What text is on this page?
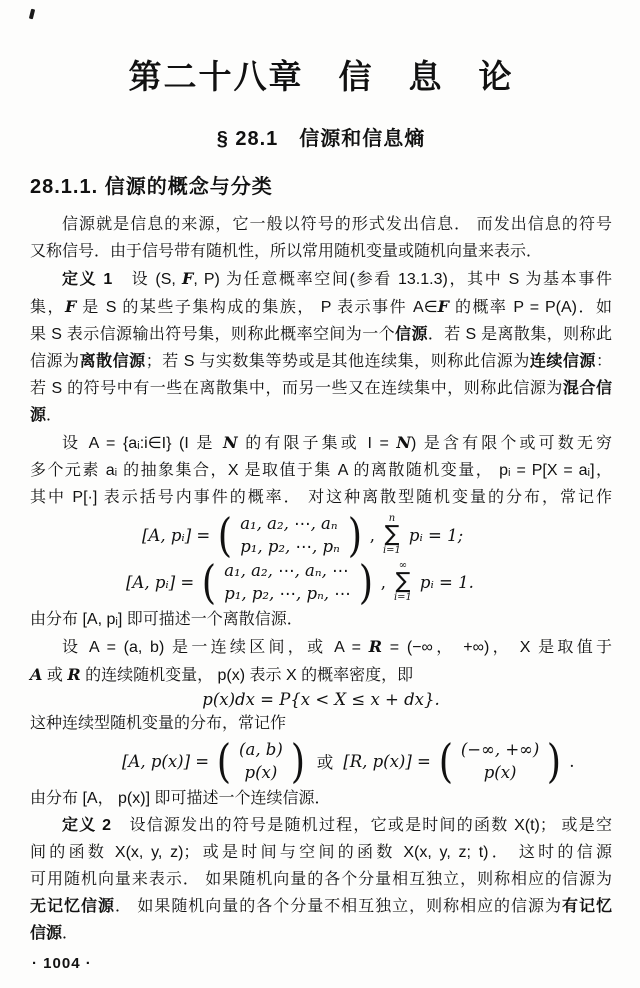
第二十八章　信　息　论
§ 28.1　信源和信息熵
28.1.1. 信源的概念与分类
信源就是信息的来源，它一般以符号的形式发出信息． 而发出信息的符号
又称信号．由于信号带有随机性，所以常用随机变量或随机向量来表示．
定义 1　设 (S, F, P) 为任意概率空间(参看 13.1.3)，其中 S 为基本事件
集，F 是 S 的某些子集构成的集族， P 表示事件 A∈F 的概率 P = P(A)．如
果 S 表示信源输出符号集，则称此概率空间为一个信源．若 S 是离散集，则称此
信源为离散信源；若 S 与实数集等势或是其他连续集，则称此信源为连续信源：
若 S 的符号中有一些在离散集中，而另一些又在连续集中，则称此信源为混合信
源．
设 A = {aᵢ:i∈I} (I 是 N 的有限子集或 I = N) 是含有限个或可数无穷
多个元素 aᵢ 的抽象集合，X 是取值于集 A 的离散随机变量， pᵢ = P[X = aᵢ]，
其中 P[·] 表示括号内事件的概率． 对这种离散型随机变量的分布，常记作
[A, pᵢ] = ( a₁, a₂, ⋯, aₙ
p₁, p₂, ⋯, pₙ ) ,
n
∑
i=1
pᵢ = 1;
[A, pᵢ] = ( a₁, a₂, ⋯, aₙ, ⋯
p₁, p₂, ⋯, pₙ, ⋯ ) ,
∞
∑
i=1
pᵢ = 1.
由分布 [A, pᵢ] 即可描述一个离散信源．
设 A = (a, b) 是一连续区间，或 A = R = (−∞， +∞)， X 是取值于
A 或 R 的连续随机变量， p(x) 表示 X 的概率密度，即
p(x)dx = P{x < X ≤ x + dx}.
这种连续型随机变量的分布，常记作
[A, p(x)] = ( (a, b)
p(x) ) 或 [R, p(x)] = ( (−∞, +∞)
p(x) ) .
由分布 [A， p(x)] 即可描述一个连续信源．
定义 2　设信源发出的符号是随机过程，它或是时间的函数 X(t)； 或是空
间的函数 X(x, y, z)；或是时间与空间的函数 X(x, y, z; t)． 这时的信源
可用随机向量来表示． 如果随机向量的各个分量相互独立，则称相应的信源为
无记忆信源． 如果随机向量的各个分量不相互独立，则称相应的信源为有记忆
信源．
· 1004 ·
